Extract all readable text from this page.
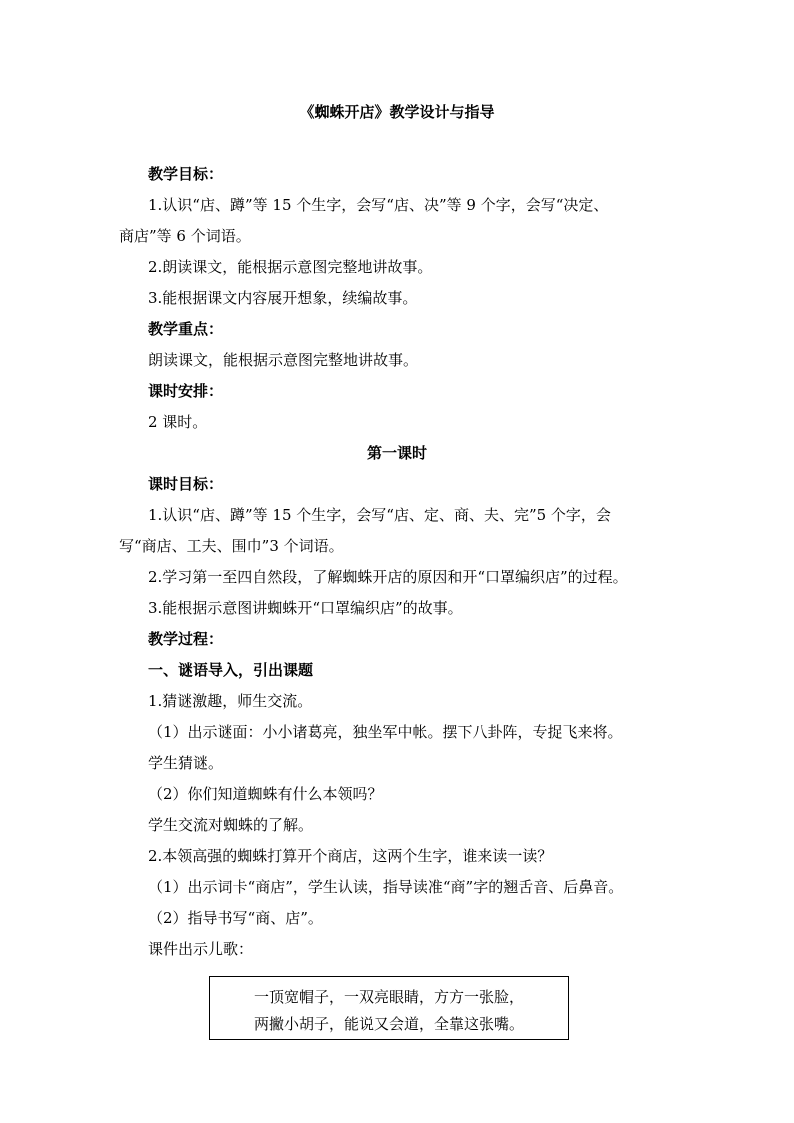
《蜘蛛开店》教学设计与指导
教学目标：
1.认识“店、蹲”等 15 个生字，会写“店、决”等 9 个字，会写“决定、
商店”等 6 个词语。
2.朗读课文，能根据示意图完整地讲故事。
3.能根据课文内容展开想象，续编故事。
教学重点：
朗读课文，能根据示意图完整地讲故事。
课时安排：
2 课时。
第一课时
课时目标：
1.认识“店、蹲”等 15 个生字，会写“店、定、商、夫、完”5 个字，会
写“商店、工夫、围巾”3 个词语。
2.学习第一至四自然段，了解蜘蛛开店的原因和开“口罩编织店”的过程。
3.能根据示意图讲蜘蛛开“口罩编织店”的故事。
教学过程：
一、谜语导入，引出课题
1.猜谜激趣，师生交流。
（1）出示谜面：小小诸葛亮，独坐军中帐。摆下八卦阵，专捉飞来将。
学生猜谜。
（2）你们知道蜘蛛有什么本领吗？
学生交流对蜘蛛的了解。
2.本领高强的蜘蛛打算开个商店，这两个生字，谁来读一读？
（1）出示词卡“商店”，学生认读，指导读准“商”字的翘舌音、后鼻音。
（2）指导书写“商、店”。
课件出示儿歌：
一顶宽帽子，一双亮眼睛，方方一张脸，
两撇小胡子，能说又会道，全靠这张嘴。
